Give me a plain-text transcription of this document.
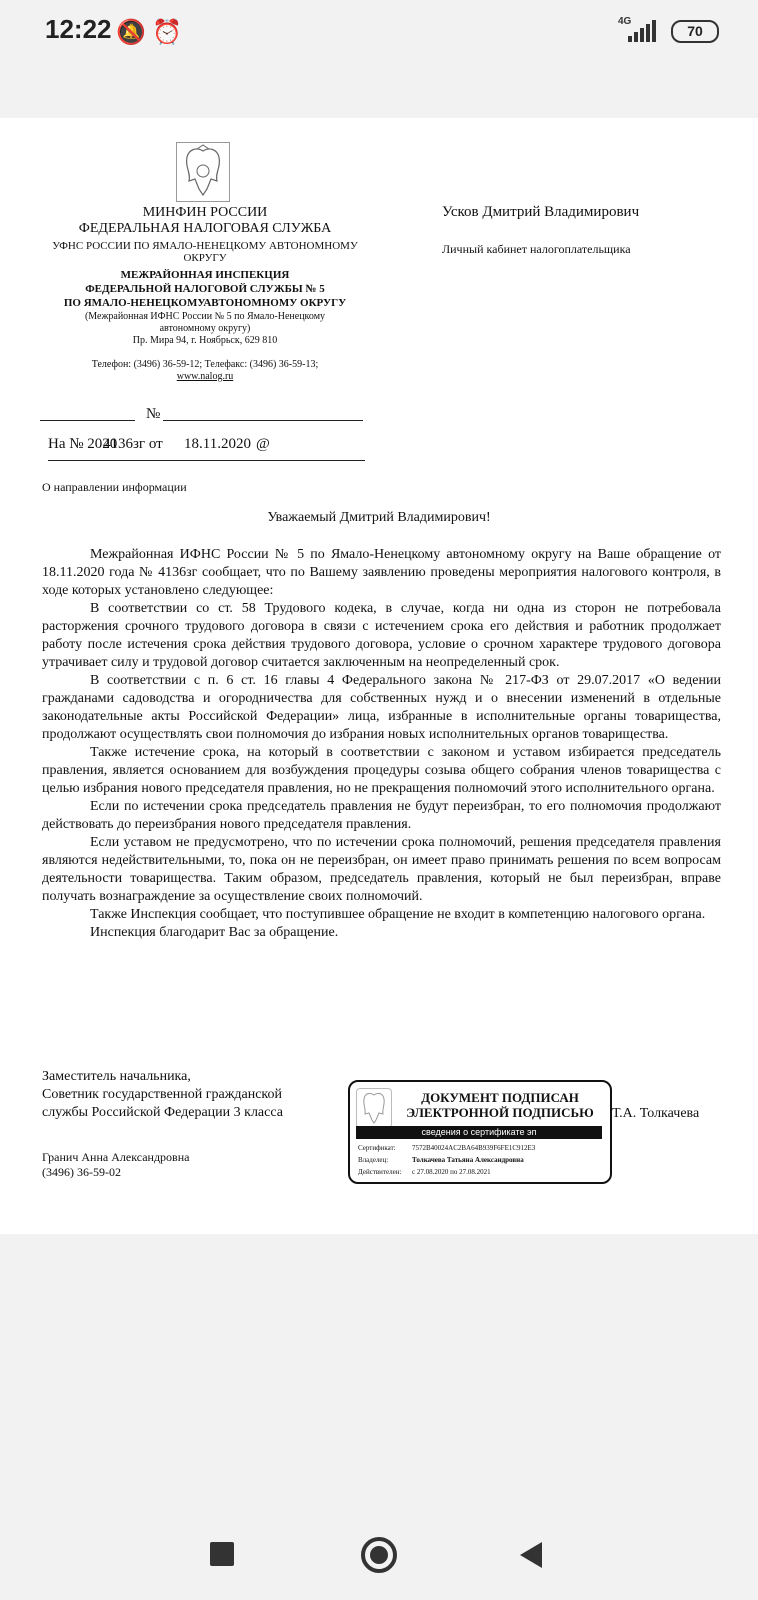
12:22 🔕 ⏰	4G
70
МИНФИН РОССИИ
ФЕДЕРАЛЬНАЯ НАЛОГОВАЯ СЛУЖБА
УФНС РОССИИ ПО ЯМАЛО-НЕНЕЦКОМУ АВТОНОМНОМУ
ОКРУГУ
МЕЖРАЙОННАЯ ИНСПЕКЦИЯ
ФЕДЕРАЛЬНОЙ НАЛОГОВОЙ СЛУЖБЫ № 5
ПО ЯМАЛО-НЕНЕЦКОМУАВТОНОМНОМУ ОКРУГУ
(Межрайонная ИФНС России № 5 по Ямало-Ненецкому
автономному округу)
Пр. Мира 94, г. Ноябрьск, 629 810
Телефон: (3496) 36-59-12; Телефакс: (3496) 36-59-13;
www.nalog.ru
Усков Дмитрий Владимирович
Личный кабинет налогоплательщика
№
На № 2020
4136зг от 18.11.2020 @
О направлении информации
Уважаемый Дмитрий Владимирович!

Межрайонная ИФНС России № 5 по Ямало-Ненецкому автономному округу на Ваше обращение от 18.11.2020 года № 4136зг сообщает, что по Вашему заявлению проведены мероприятия налогового контроля, в ходе которых установлено следующее:

В соответствии со ст. 58 Трудового кодека, в случае, когда ни одна из сторон не потребовала расторжения срочного трудового договора в связи с истечением срока его действия и работник продолжает работу после истечения срока действия трудового договора, условие о срочном характере трудового договора утрачивает силу и трудовой договор считается заключенным на неопределенный срок.

В соответствии с п. 6 ст. 16 главы 4 Федерального закона № 217-ФЗ от 29.07.2017 «О ведении гражданами садоводства и огородничества для собственных нужд и о внесении изменений в отдельные законодательные акты Российской Федерации» лица, избранные в исполнительные органы товарищества, продолжают осуществлять свои полномочия до избрания новых исполнительных органов товарищества.

Также истечение срока, на который в соответствии с законом и уставом избирается председатель правления, является основанием для возбуждения процедуры созыва общего собрания членов товарищества с целью избрания нового председателя правления, но не прекращения полномочий этого исполнительного органа.

Если по истечении срока председатель правления не будут переизбран, то его полномочия продолжают действовать до переизбрания нового председателя правления.

Если уставом не предусмотрено, что по истечении срока полномочий, решения председателя правления являются недействительными, то, пока он не переизбран, он имеет право принимать решения по всем вопросам деятельности товарищества. Таким образом, председатель правления, который не был переизбран, вправе получать вознаграждение за осуществление своих полномочий.

Также Инспекция сообщает, что поступившее обращение не входит в компетенцию налогового органа.

Инспекция благодарит Вас за обращение.

Заместитель начальника,
Советник государственной гражданской
службы Российской Федерации 3 класса
ДОКУМЕНТ ПОДПИСАН
ЭЛЕКТРОННОЙ ПОДПИСЬЮ
сведения о сертификате эп
Сертификат: 7572B40024AC2BA64B939F6FE1C912E3
Владелец:	Толкачева Татьяна Александровна
Действителен: с 27.08.2020 по 27.08.2021
Т.А. Толкачева
Гранич Анна Александровна
(3496) 36-59-02
